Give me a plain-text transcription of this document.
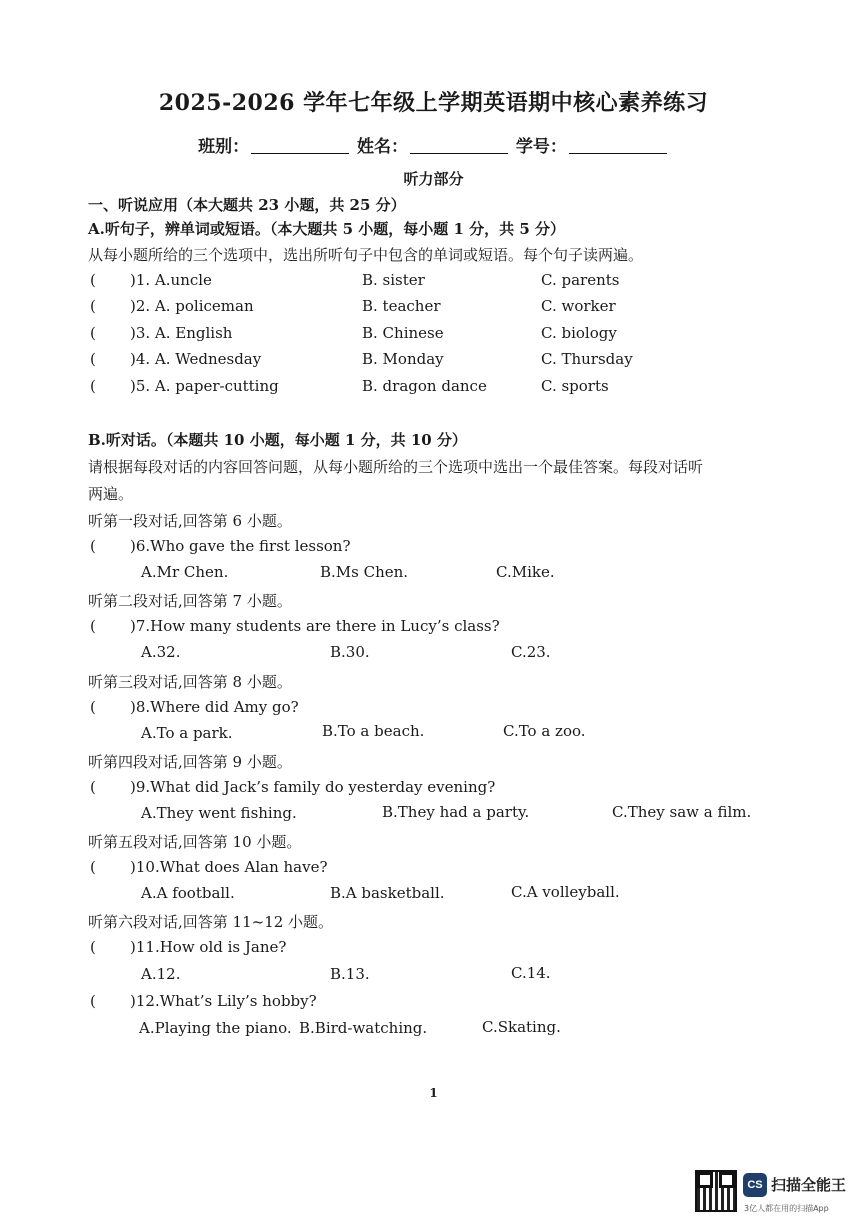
2025-2026 学年七年级上学期英语期中核心素养练习
班别：	姓名：	学号：
听力部分
一、听说应用（本大题共 23 小题，共 25 分）
A.听句子，辨单词或短语。（本大题共 5 小题，每小题 1 分，共 5 分）
从每小题所给的三个选项中，选出所听句子中包含的单词或短语。每个句子读两遍。
( )1. A.uncle	B. sister	C. parents
( )2. A. policeman	B. teacher	C. worker
( )3. A. English	B. Chinese	C. biology
( )4. A. Wednesday	B. Monday	C. Thursday
( )5. A. paper-cutting	B. dragon dance	C. sports
B.听对话。（本题共 10 小题，每小题 1 分，共 10 分）
请根据每段对话的内容回答问题，从每小题所给的三个选项中选出一个最佳答案。每段对话听
两遍。
听第一段对话,回答第 6 小题。
( )6.Who gave the first lesson?
A.Mr Chen.	B.Ms Chen.	C.Mike.
听第二段对话,回答第 7 小题。
( )7.How many students are there in Lucy’s class?
A.32.	B.30.	C.23.
听第三段对话,回答第 8 小题。
( )8.Where did Amy go?
A.To a park.	B.To a beach.	C.To a zoo.
听第四段对话,回答第 9 小题。
( )9.What did Jack’s family do yesterday evening?
A.They went fishing.	B.They had a party.	C.They saw a film.
听第五段对话,回答第 10 小题。
( )10.What does Alan have?
A.A football.	B.A basketball.	C.A volleyball.
听第六段对话,回答第 11~12 小题。
( )11.How old is Jane?
A.12.	B.13.	C.14.
( )12.What’s Lily’s hobby?
A.Playing the piano. B.Bird-watching.	C.Skating.
1
CS 扫描全能王
3亿人都在用的扫描App
